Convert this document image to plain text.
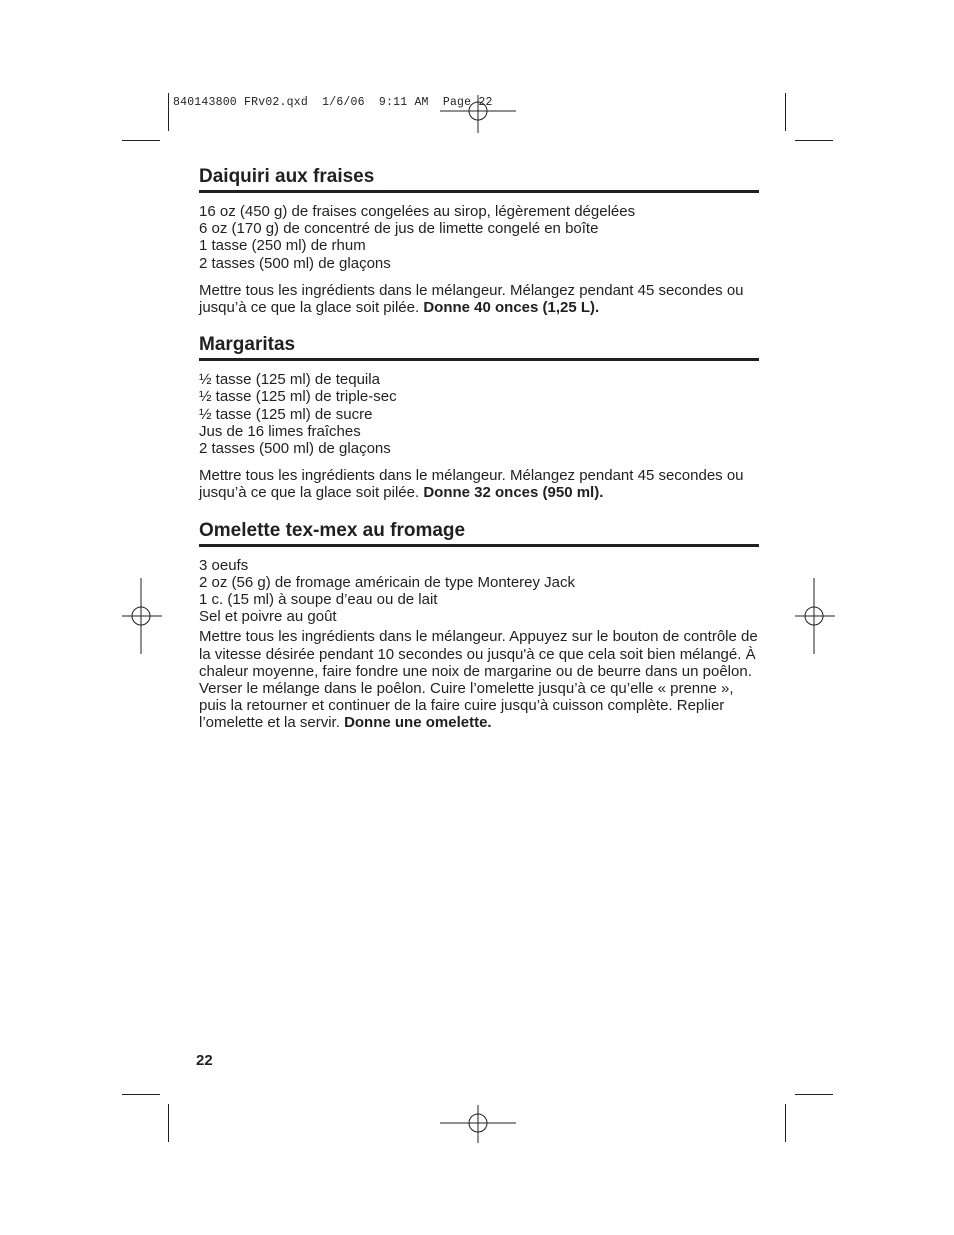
840143800 FRv02.qxd  1/6/06  9:11 AM  Page 22
Daiquiri aux fraises
16 oz (450 g) de fraises congelées au sirop, légèrement dégelées
6 oz (170 g) de concentré de jus de limette congelé en boîte
1 tasse (250 ml) de rhum
2 tasses (500 ml) de glaçons

Mettre tous les ingrédients dans le mélangeur. Mélangez pendant 45 secondes ou jusqu’à ce que la glace soit pilée. Donne 40 onces (1,25 L).

Margaritas
½ tasse (125 ml) de tequila
½ tasse (125 ml) de triple-sec
½ tasse (125 ml) de sucre
Jus de 16 limes fraîches
2 tasses (500 ml) de glaçons

Mettre tous les ingrédients dans le mélangeur. Mélangez pendant 45 secondes ou jusqu’à ce que la glace soit pilée. Donne 32 onces (950 ml).

Omelette tex-mex au fromage
3 oeufs
2 oz (56 g) de fromage américain de type Monterey Jack
1 c. (15 ml) à soupe d’eau ou de lait
Sel et poivre au goût

Mettre tous les ingrédients dans le mélangeur. Appuyez sur le bouton de contrôle de la vitesse désirée pendant 10 secondes ou jusqu'à ce que cela soit bien mélangé. À chaleur moyenne, faire fondre une noix de margarine ou de beurre dans un poêlon. Verser le mélange dans le poêlon. Cuire l’omelette jusqu’à ce qu’elle « prenne », puis la retourner et continuer de la faire cuire jusqu’à cuisson complète. Replier l’omelette et la servir. Donne une omelette.

22
